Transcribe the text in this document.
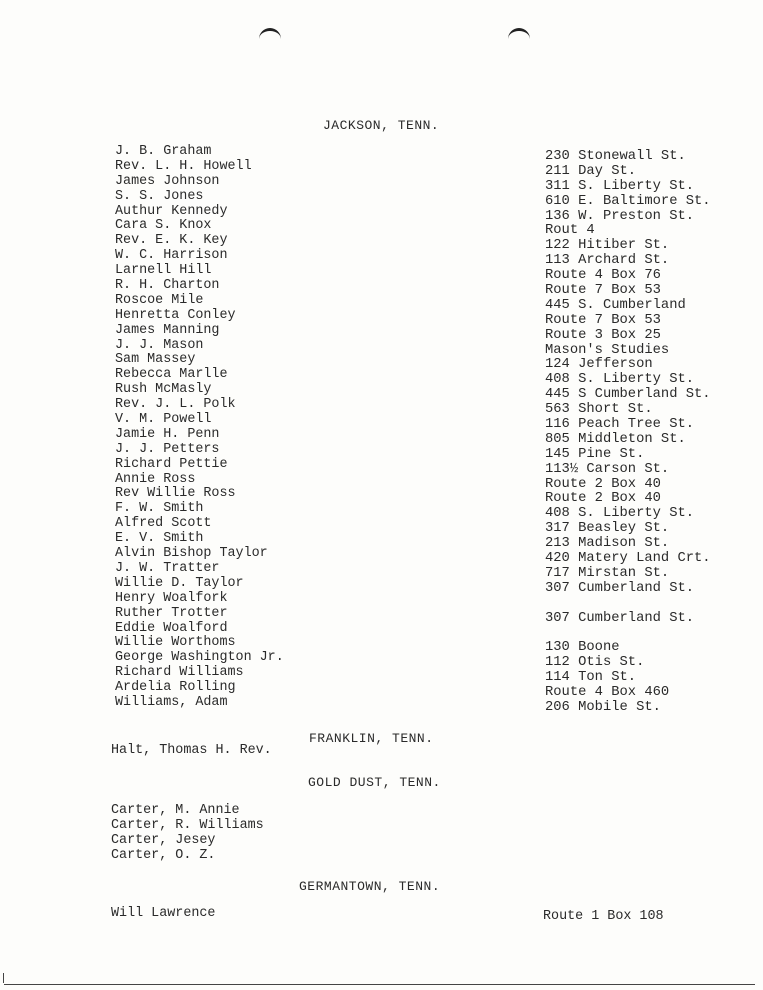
JACKSON, TENN.
J. B. Graham
Rev. L. H. Howell
James Johnson
S. S. Jones
Authur Kennedy
Cara S. Knox
Rev. E. K. Key
W. C. Harrison
Larnell Hill
R. H. Charton
Roscoe Mile
Henretta Conley
James Manning
J. J. Mason
Sam Massey
Rebecca Marlle
Rush McMasly
Rev. J. L. Polk
V. M. Powell
Jamie H. Penn
J. J. Petters
Richard Pettie
Annie Ross
Rev Willie Ross
F. W. Smith
Alfred Scott
E. V. Smith
Alvin Bishop Taylor
J. W. Tratter
Willie D. Taylor
Henry Woalfork
Ruther Trotter
Eddie Woalford
Willie Worthoms
George Washington Jr.
Richard Williams
Ardelia Rolling
Williams, Adam
230 Stonewall St.
211 Day St.
311 S. Liberty St.
610 E. Baltimore St.
136 W. Preston St.
Rout 4
122 Hitiber St.
113 Archard St.
Route 4 Box 76
Route 7 Box 53
445 S. Cumberland
Route 7 Box 53
Route 3 Box 25
Mason's Studies
124 Jefferson
408 S. Liberty St.
445 S Cumberland St.
563 Short St.
116 Peach Tree St.
805 Middleton St.
145 Pine St.
113½ Carson St.
Route 2 Box 40
Route 2 Box 40
408 S. Liberty St.
317 Beasley St.
213 Madison St.
420 Matery Land Crt.
717 Mirstan St.
307 Cumberland St.
307 Cumberland St.
130 Boone
112 Otis St.
114 Ton St.
Route 4 Box 460
206 Mobile St.
FRANKLIN, TENN.
Halt, Thomas H. Rev.
GOLD DUST, TENN.
Carter, M. Annie
Carter, R. Williams
Carter, Jesey
Carter, O. Z.
GERMANTOWN, TENN.
Will Lawrence	Route 1 Box 108
